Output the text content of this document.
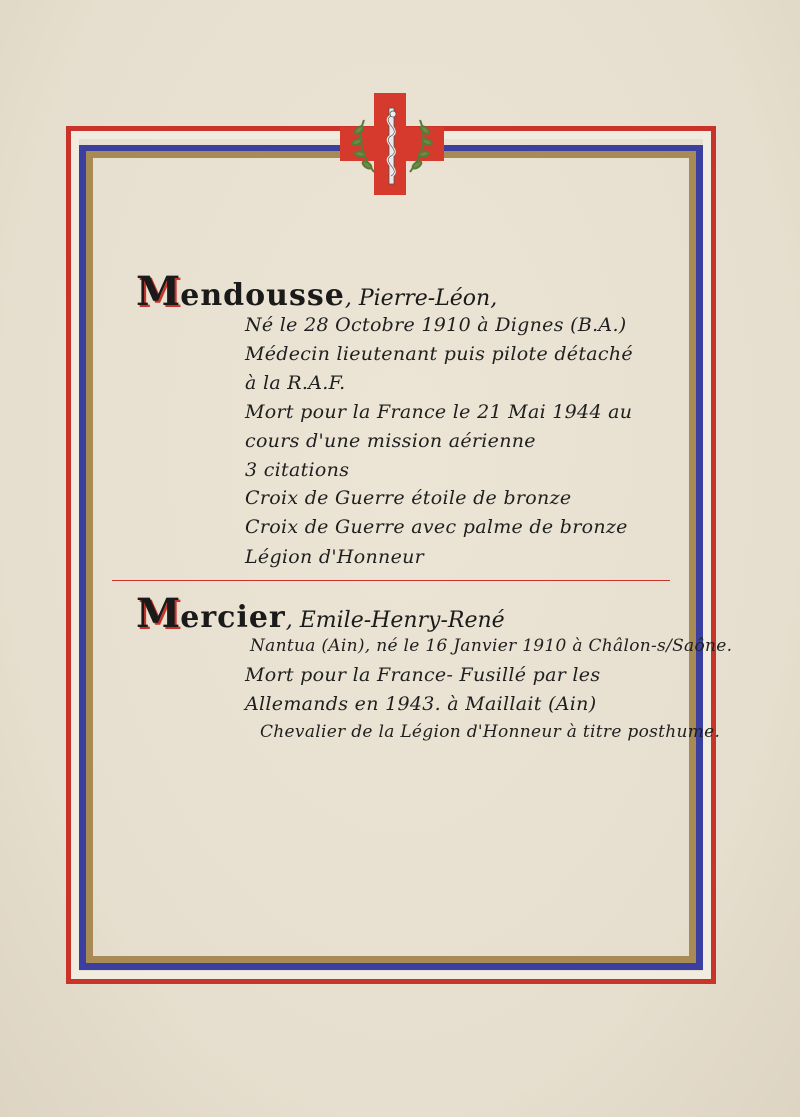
Mendousse, Pierre-Léon,
Né le 28 Octobre 1910 à Dignes (B.A.)
Médecin lieutenant puis pilote détaché
à la R.A.F.
Mort pour la France le 21 Mai 1944 au
cours d'une mission aérienne
3 citations
Croix de Guerre étoile de bronze
Croix de Guerre avec palme de bronze
Légion d'Honneur
Mercier, Emile-Henry-René
Nantua (Ain), né le 16 Janvier 1910 à Châlon-s/Saône.
Mort pour la France- Fusillé par les
Allemands en 1943. à Maillait (Ain)
Chevalier de la Légion d'Honneur à titre posthume.
